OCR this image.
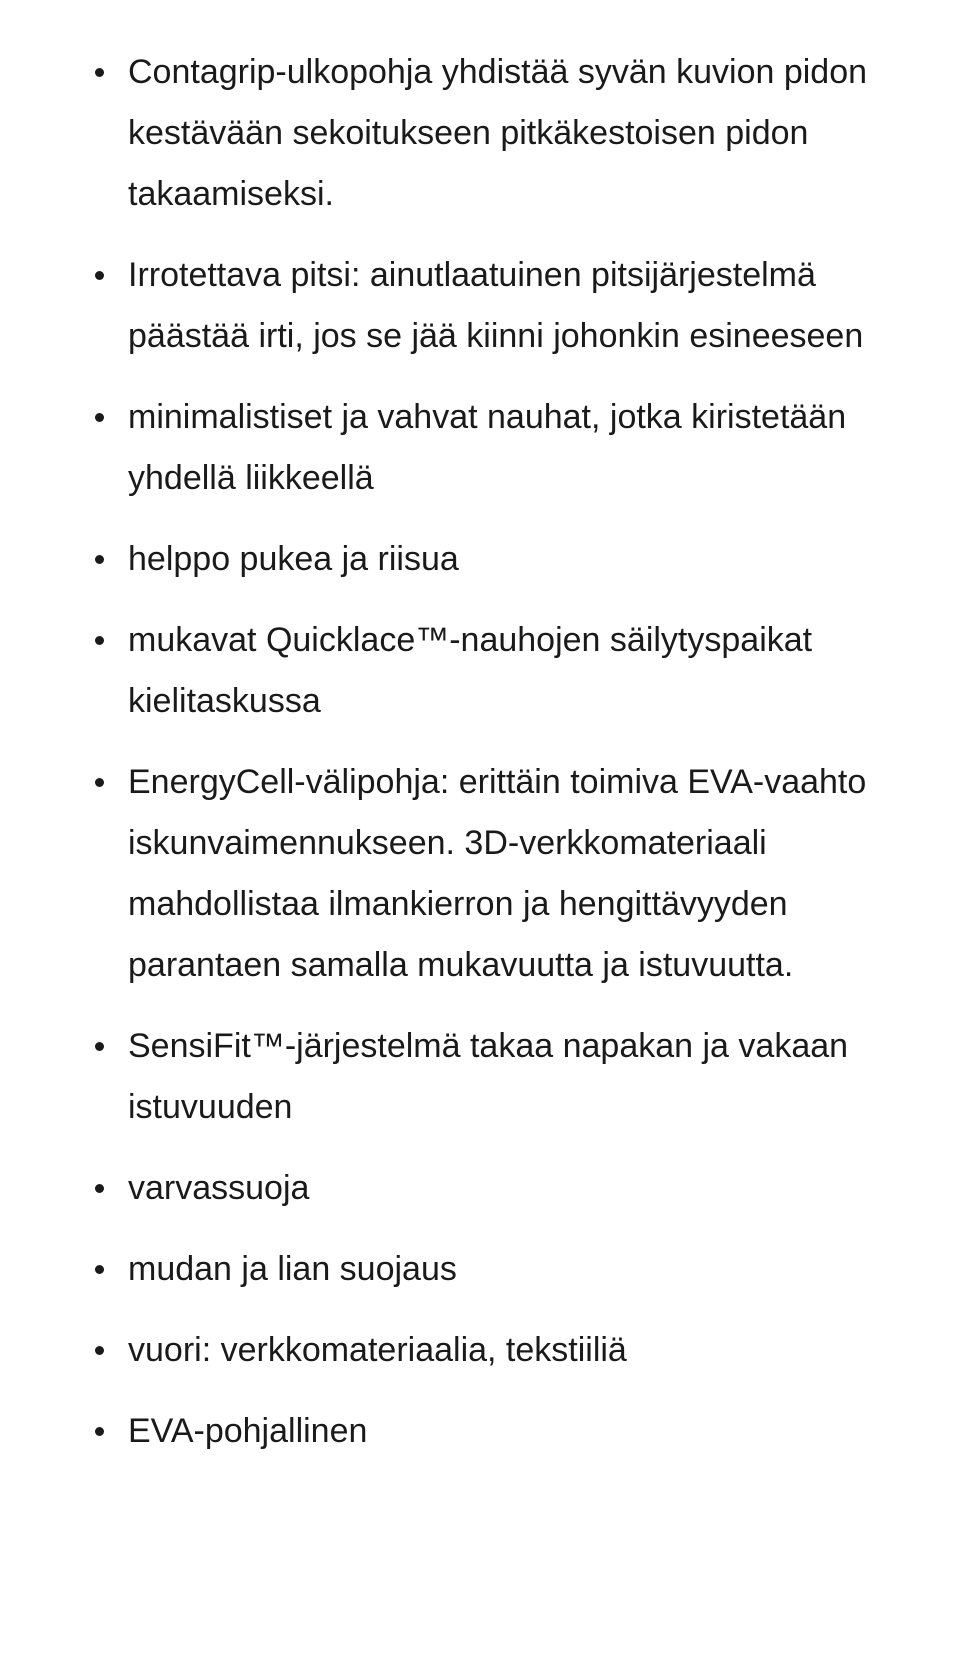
Contagrip-ulkopohja yhdistää syvän kuvion pidon kestävään sekoitukseen pitkäkestoisen pidon takaamiseksi.
Irrotettava pitsi: ainutlaatuinen pitsijärjestelmä päästää irti, jos se jää kiinni johonkin esineeseen
minimalistiset ja vahvat nauhat, jotka kiristetään yhdellä liikkeellä
helppo pukea ja riisua
mukavat Quicklace™-nauhojen säilytyspaikat kielitaskussa
EnergyCell-välipohja: erittäin toimiva EVA-vaahto iskunvaimennukseen. 3D-verkkomateriaali mahdollistaa ilmankierron ja hengittävyyden parantaen samalla mukavuutta ja istuvuutta.
SensiFit™-järjestelmä takaa napakan ja vakaan istuvuuden
varvassuoja
mudan ja lian suojaus
vuori: verkkomateriaalia, tekstiiliä
EVA-pohjallinen
